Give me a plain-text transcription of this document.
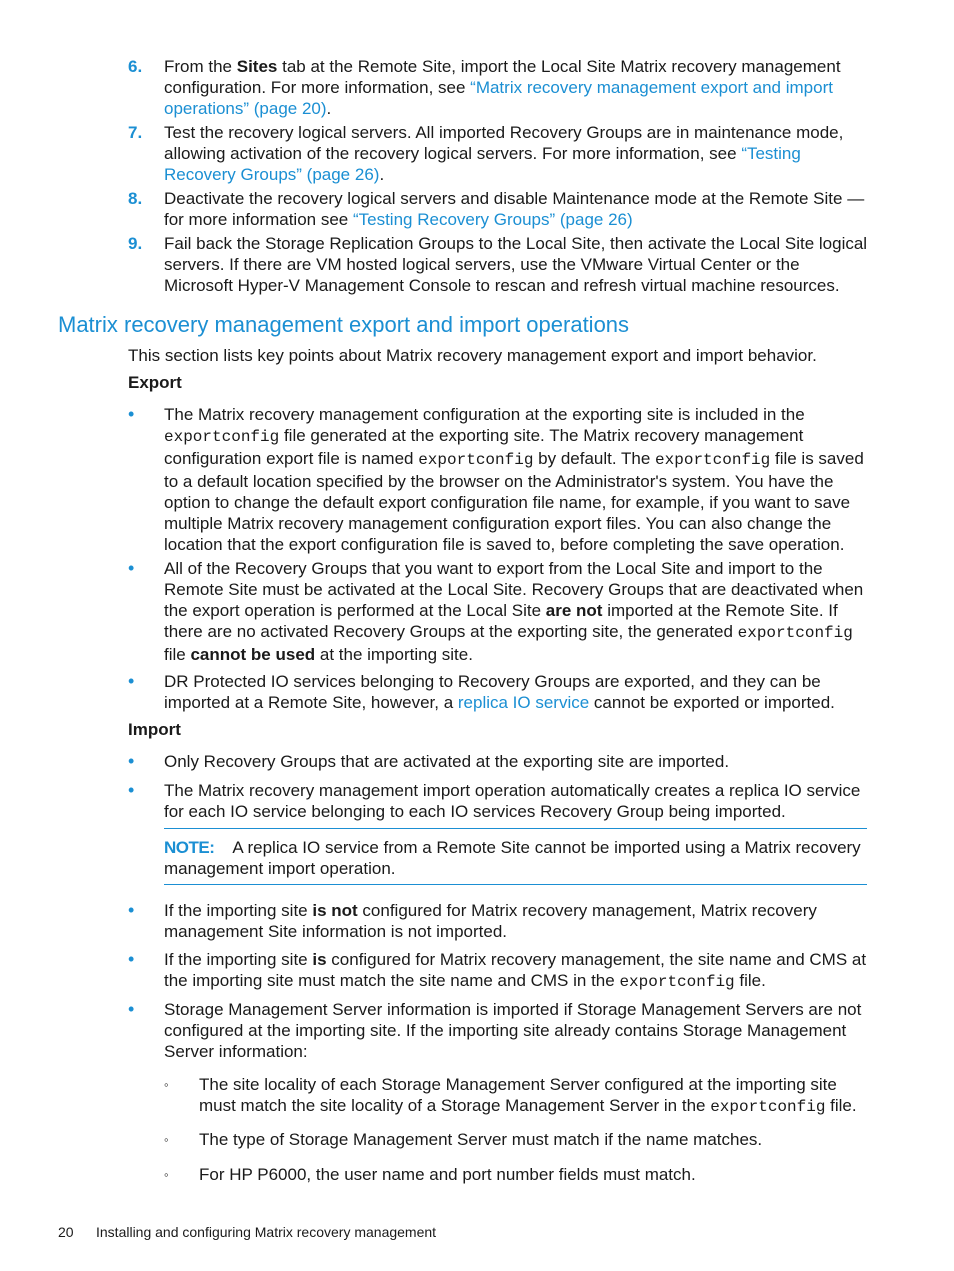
6. From the Sites tab at the Remote Site, import the Local Site Matrix recovery management configuration. For more information, see “Matrix recovery management export and import operations” (page 20).
7. Test the recovery logical servers. All imported Recovery Groups are in maintenance mode, allowing activation of the recovery logical servers. For more information, see “Testing Recovery Groups” (page 26).
8. Deactivate the recovery logical servers and disable Maintenance mode at the Remote Site — for more information see “Testing Recovery Groups” (page 26)
9. Fail back the Storage Replication Groups to the Local Site, then activate the Local Site logical servers. If there are VM hosted logical servers, use the VMware Virtual Center or the Microsoft Hyper-V Management Console to rescan and refresh virtual machine resources.
Matrix recovery management export and import operations
This section lists key points about Matrix recovery management export and import behavior.
Export
• The Matrix recovery management configuration at the exporting site is included in the exportconfig file generated at the exporting site. The Matrix recovery management configuration export file is named exportconfig by default. The exportconfig file is saved to a default location specified by the browser on the Administrator's system. You have the option to change the default export configuration file name, for example, if you want to save multiple Matrix recovery management configuration export files. You can also change the location that the export configuration file is saved to, before completing the save operation.
• All of the Recovery Groups that you want to export from the Local Site and import to the Remote Site must be activated at the Local Site. Recovery Groups that are deactivated when the export operation is performed at the Local Site are not imported at the Remote Site. If there are no activated Recovery Groups at the exporting site, the generated exportconfig file cannot be used at the importing site.
• DR Protected IO services belonging to Recovery Groups are exported, and they can be imported at a Remote Site, however, a replica IO service cannot be exported or imported.
Import
• Only Recovery Groups that are activated at the exporting site are imported.
• The Matrix recovery management import operation automatically creates a replica IO service for each IO service belonging to each IO services Recovery Group being imported.
NOTE: A replica IO service from a Remote Site cannot be imported using a Matrix recovery management import operation.
• If the importing site is not configured for Matrix recovery management, Matrix recovery management Site information is not imported.
• If the importing site is configured for Matrix recovery management, the site name and CMS at the importing site must match the site name and CMS in the exportconfig file.
• Storage Management Server information is imported if Storage Management Servers are not configured at the importing site. If the importing site already contains Storage Management Server information:
◦ The site locality of each Storage Management Server configured at the importing site must match the site locality of a Storage Management Server in the exportconfig file.
◦ The type of Storage Management Server must match if the name matches.
◦ For HP P6000, the user name and port number fields must match.
20 Installing and configuring Matrix recovery management
